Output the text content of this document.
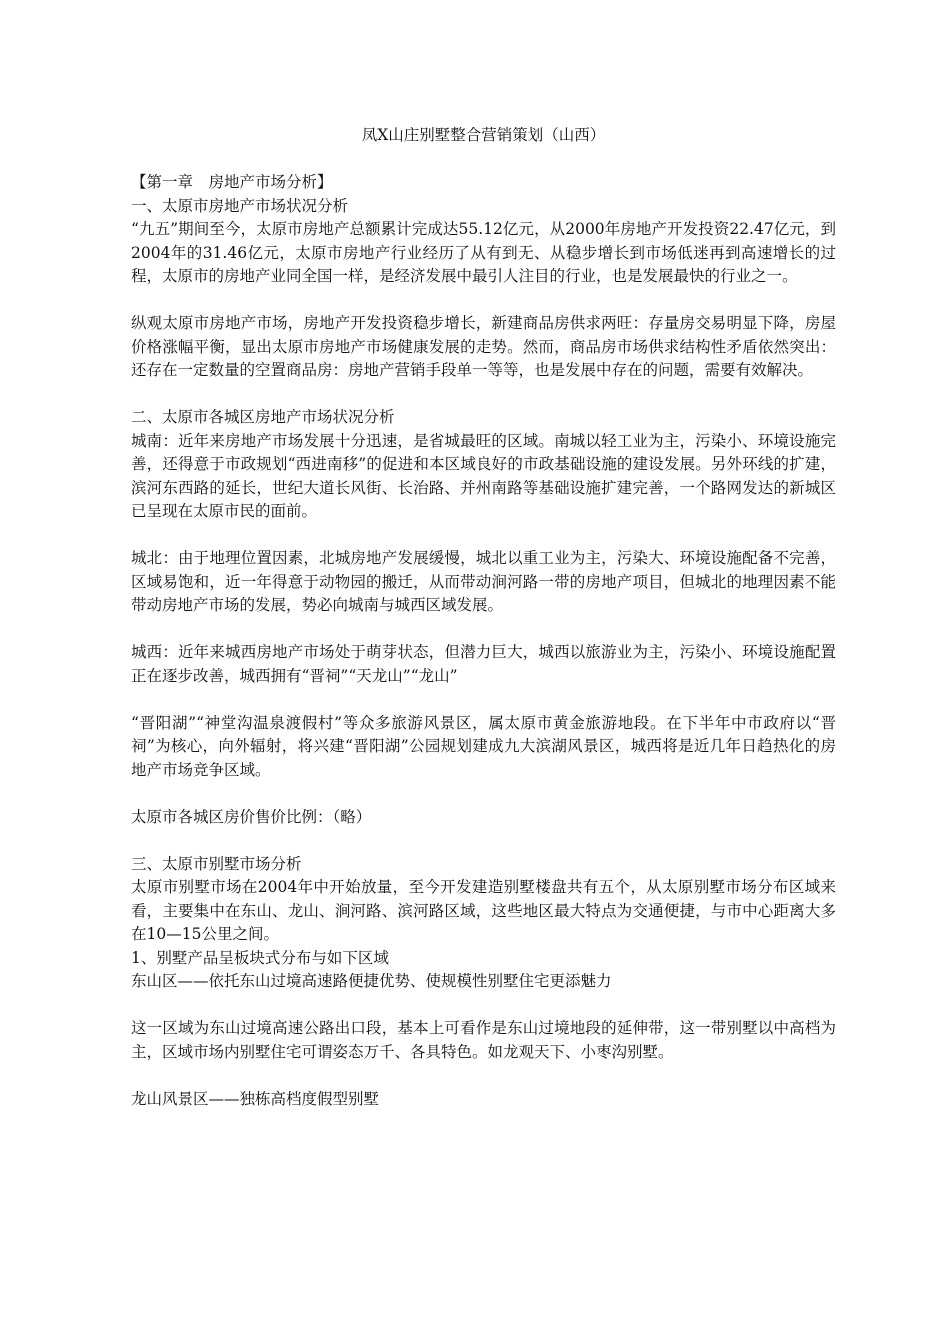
凤X山庄别墅整合营销策划（山西）

【第一章　房地产市场分析】

一、太原市房地产市场状况分析

“九五”期间至今，太原市房地产总额累计完成达55.12亿元，从2000年房地产开发投资22.47亿元，到2004年的31.46亿元，太原市房地产行业经历了从有到无、从稳步增长到市场低迷再到高速增长的过程，太原市的房地产业同全国一样，是经济发展中最引人注目的行业，也是发展最快的行业之一。

纵观太原市房地产市场，房地产开发投资稳步增长，新建商品房供求两旺：存量房交易明显下降，房屋价格涨幅平衡，显出太原市房地产市场健康发展的走势。然而，商品房市场供求结构性矛盾依然突出：还存在一定数量的空置商品房：房地产营销手段单一等等，也是发展中存在的问题，需要有效解决。

二、太原市各城区房地产市场状况分析

城南：近年来房地产市场发展十分迅速，是省城最旺的区域。南城以轻工业为主，污染小、环境设施完善，还得意于市政规划“西进南移”的促进和本区域良好的市政基础设施的建设发展。另外环线的扩建，滨河东西路的延长，世纪大道长风街、长治路、并州南路等基础设施扩建完善，一个路网发达的新城区已呈现在太原市民的面前。

城北：由于地理位置因素，北城房地产发展缓慢，城北以重工业为主，污染大、环境设施配备不完善，区域易饱和，近一年得意于动物园的搬迁，从而带动涧河路一带的房地产项目，但城北的地理因素不能带动房地产市场的发展，势必向城南与城西区域发展。

城西：近年来城西房地产市场处于萌芽状态，但潜力巨大，城西以旅游业为主，污染小、环境设施配置正在逐步改善，城西拥有“晋祠”“天龙山”“龙山”

“晋阳湖”“神堂沟温泉渡假村”等众多旅游风景区，属太原市黄金旅游地段。在下半年中市政府以“晋祠”为核心，向外辐射，将兴建“晋阳湖”公园规划建成九大滨湖风景区，城西将是近几年日趋热化的房地产市场竞争区域。

太原市各城区房价售价比例：（略）

三、太原市别墅市场分析

太原市别墅市场在2004年中开始放量，至今开发建造别墅楼盘共有五个，从太原别墅市场分布区域来看，主要集中在东山、龙山、涧河路、滨河路区域，这些地区最大特点为交通便捷，与市中心距离大多在10—15公里之间。

1、别墅产品呈板块式分布与如下区域

东山区——依托东山过境高速路便捷优势、使规模性别墅住宅更添魅力

这一区域为东山过境高速公路出口段，基本上可看作是东山过境地段的延伸带，这一带别墅以中高档为主，区域市场内别墅住宅可谓姿态万千、各具特色。如龙观天下、小枣沟别墅。

龙山风景区——独栋高档度假型别墅
